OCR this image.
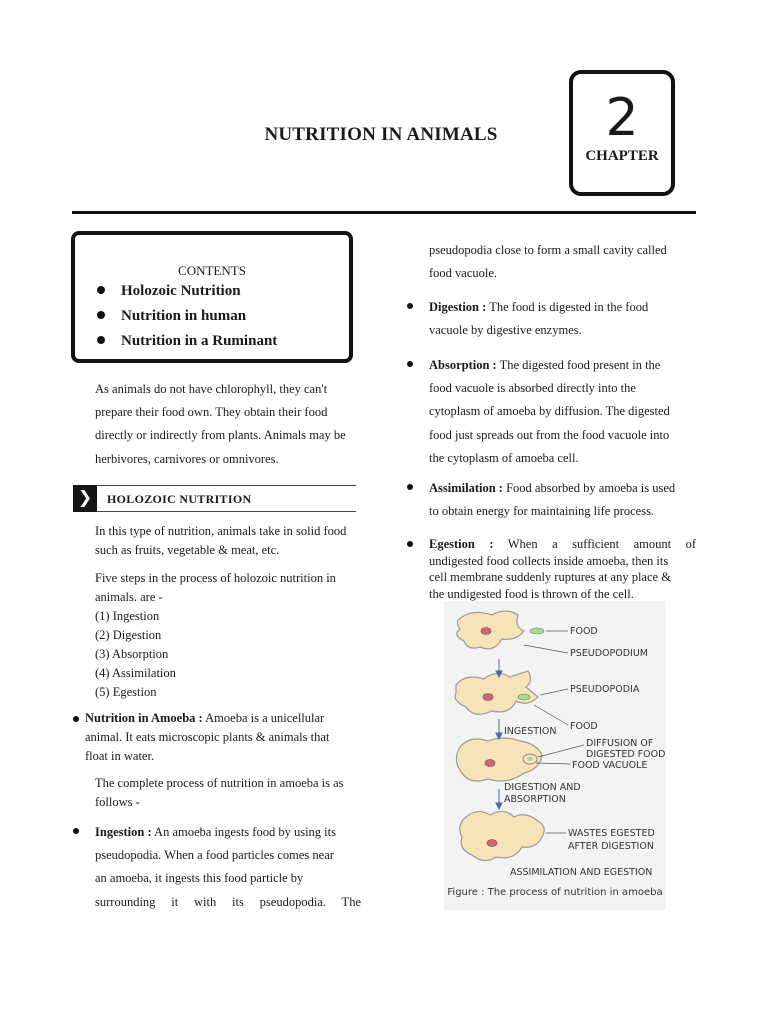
NUTRITION IN ANIMALS	2
CHAPTER
CONTENTS
Holozoic Nutrition
Nutrition in human
Nutrition in a Ruminant
As animals do not have chlorophyll, they can't
prepare their food own. They obtain their food
directly or indirectly from plants. Animals may be
herbivores, carnivores or omnivores.
❯ HOLOZOIC NUTRITION
In this type of nutrition, animals take in solid food
such as fruits, vegetable & meat, etc.
Five steps in the process of holozoic nutrition in
animals. are -
(1) Ingestion
(2) Digestion
(3) Absorption
(4) Assimilation
(5) Egestion
Nutrition in Amoeba : Amoeba is a unicellular
animal. It eats microscopic plants & animals that
float in water.
The complete process of nutrition in amoeba is as
follows -
Ingestion : An amoeba ingests food by using its
pseudopodia. When a food particles comes near
an amoeba, it ingests this food particle by
surrounding it with its pseudopodia. The
pseudopodia close to form a small cavity called
food vacuole.
Digestion : The food is digested in the food
vacuole by digestive enzymes.
Absorption : The digested food present in the
food vacuole is absorbed directly into the
cytoplasm of amoeba by diffusion. The digested
food just spreads out from the food vacuole into
the cytoplasm of amoeba cell.
Assimilation : Food absorbed by amoeba is used
to obtain energy for maintaining life process.
Egestion : When a sufficient amount of
undigested food collects inside amoeba, then its
cell membrane suddenly ruptures at any place &
the undigested food is thrown of the cell.
FOOD
PSEUDOPODIUM
PSEUDOPODIA
FOOD
INGESTION
DIFFUSION OF
DIGESTED FOOD
FOOD VACUOLE
DIGESTION AND
ABSORPTION
WASTES EGESTED
AFTER DIGESTION
ASSIMILATION AND EGESTION
Figure : The process of nutrition in amoeba
